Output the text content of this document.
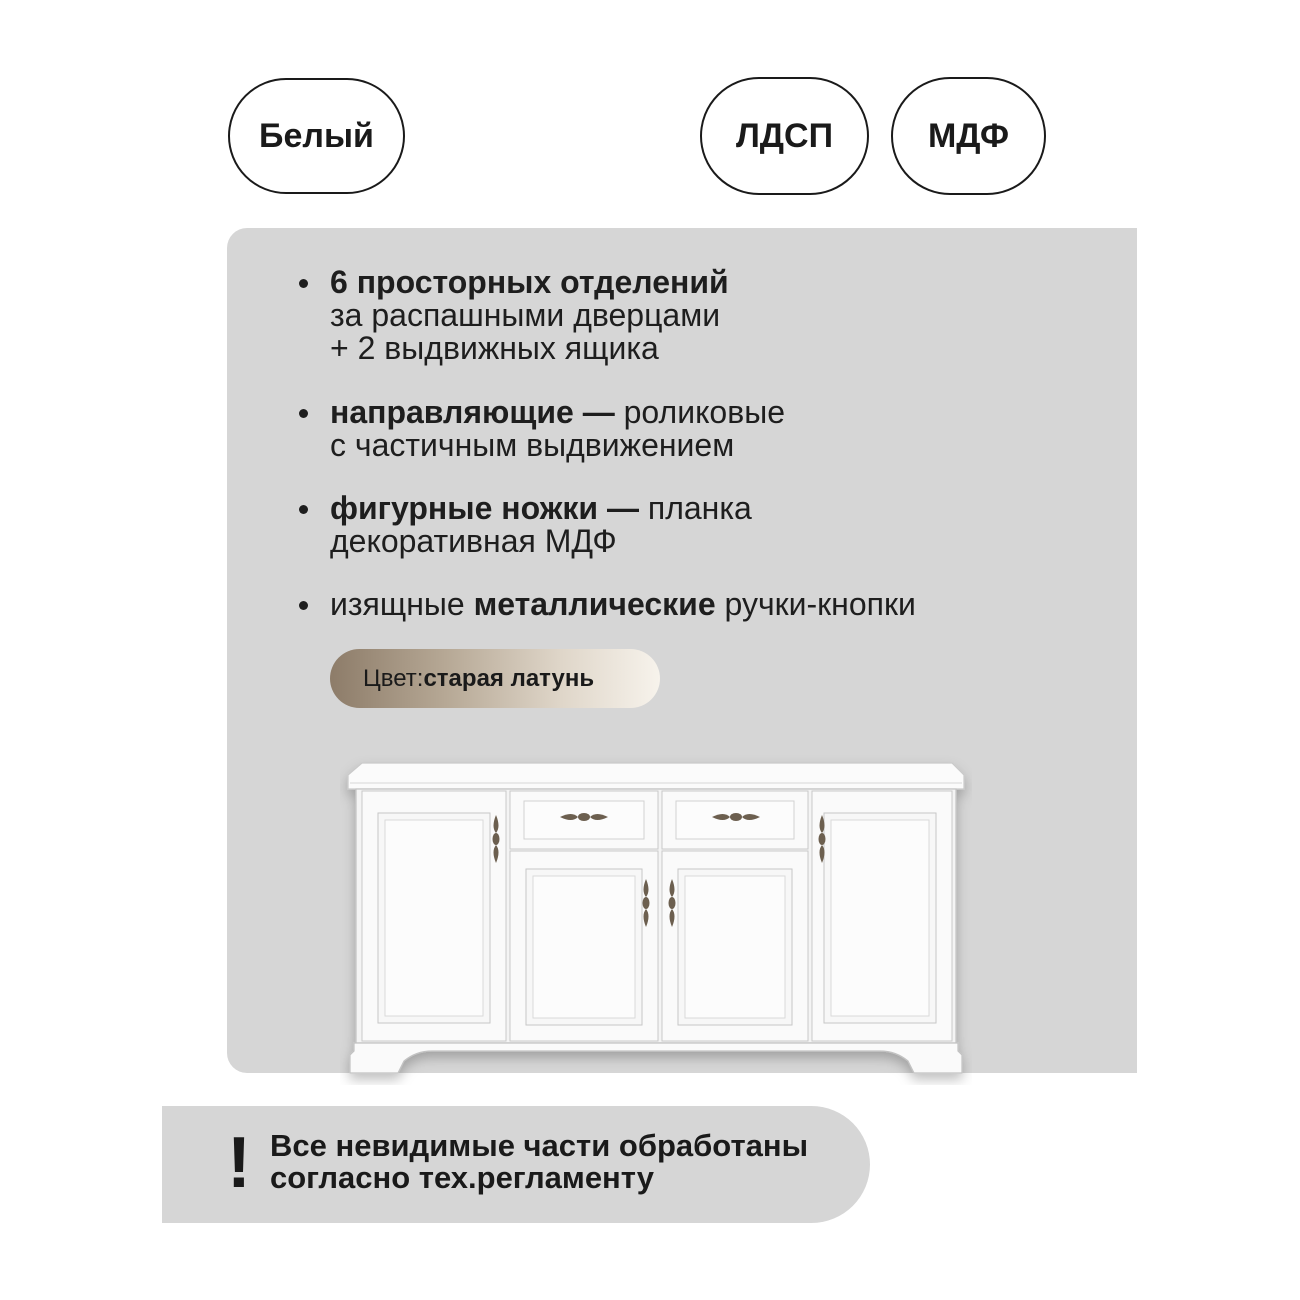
Белый	ЛДСП	МДФ
6 просторных отделений
за распашными дверцами
+ 2 выдвижных ящика
направляющие — роликовые
с частичным выдвижением
фигурные ножки — планка
декоративная МДФ
изящные металлические ручки-кнопки
Цвет: старая латунь
! Все невидимые части обработаны
согласно тех.регламенту
